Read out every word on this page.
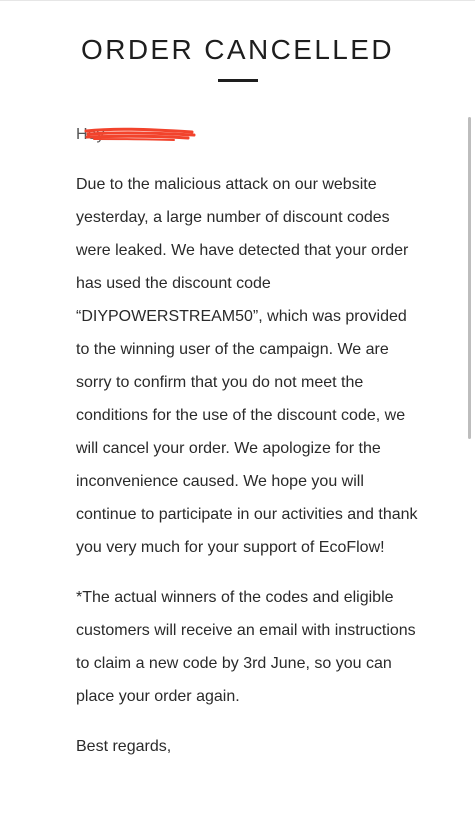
ORDER CANCELLED
Hey

Due to the malicious attack on our website yesterday, a large number of discount codes were leaked. We have detected that your order has used the discount code “DIYPOWERSTREAM50”, which was provided to the winning user of the campaign. We are sorry to confirm that you do not meet the conditions for the use of the discount code, we will cancel your order. We apologize for the inconvenience caused. We hope you will continue to participate in our activities and thank you very much for your support of EcoFlow!

*The actual winners of the codes and eligible customers will receive an email with instructions to claim a new code by 3rd June, so you can place your order again.

Best regards,
